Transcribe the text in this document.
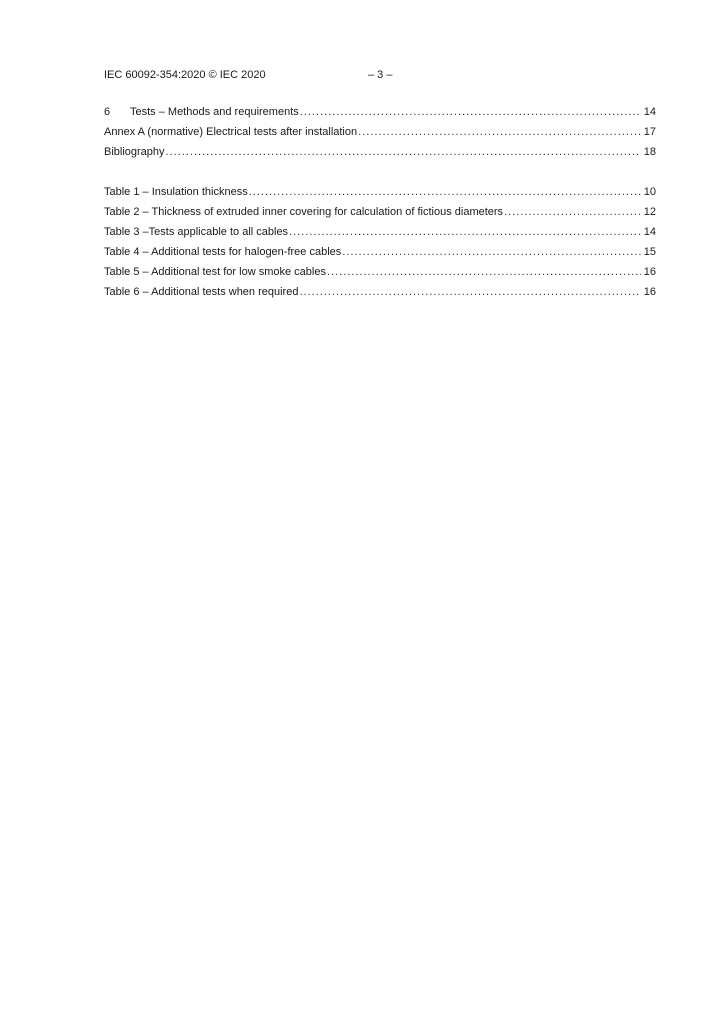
IEC 60092-354:2020 © IEC 2020	– 3 –
6	Tests – Methods and requirements .....	14
Annex A (normative) Electrical tests after installation .....	17
Bibliography .....	18
Table 1 – Insulation thickness .....	10
Table 2 – Thickness of extruded inner covering for calculation of fictious diameters .....	12
Table 3 –Tests applicable to all cables .....	14
Table 4 – Additional tests for halogen-free cables .....	15
Table 5 – Additional test for low smoke cables .....	16
Table 6 – Additional tests when required .....	16
